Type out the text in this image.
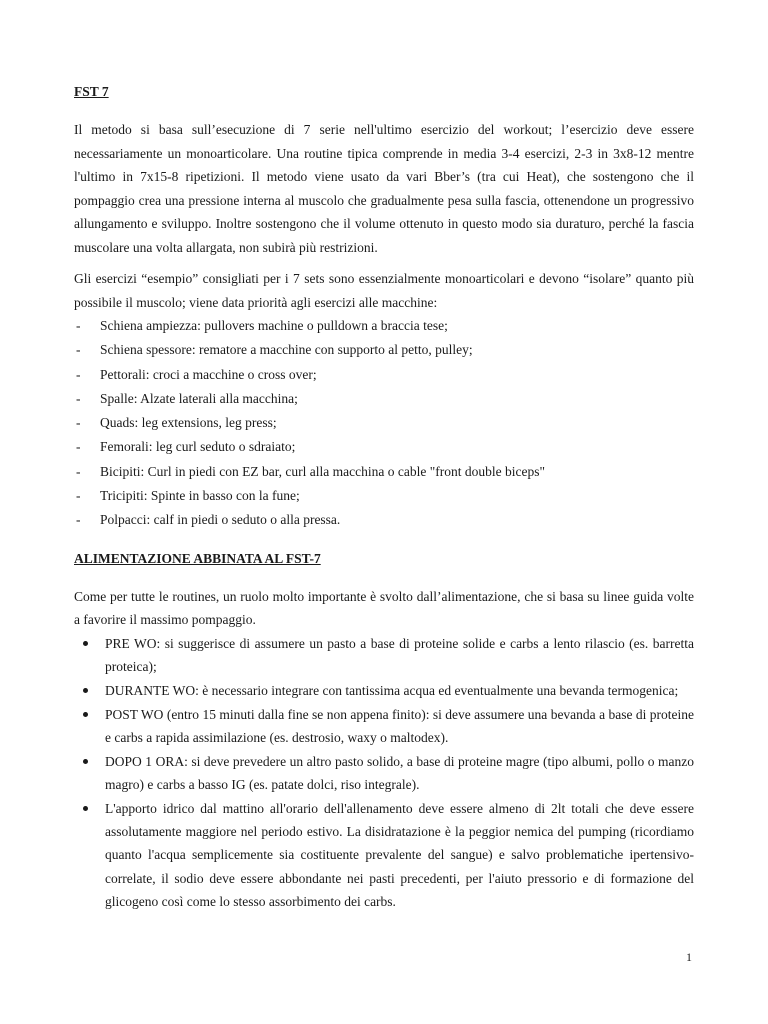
FST 7

Il metodo si basa sull’esecuzione di 7 serie nell'ultimo esercizio del workout; l’esercizio deve essere necessariamente un monoarticolare. Una routine tipica comprende in media 3-4 esercizi, 2-3 in 3x8-12 mentre l'ultimo in 7x15-8 ripetizioni. Il metodo viene usato da vari Bber’s (tra cui Heat), che sostengono che il pompaggio crea una pressione interna al muscolo che gradualmente pesa sulla fascia, ottenendone un progressivo allungamento e sviluppo. Inoltre sostengono che il volume ottenuto in questo modo sia duraturo, perché la fascia muscolare una volta allargata, non subirà più restrizioni.

Gli esercizi “esempio” consigliati per i 7 sets sono essenzialmente monoarticolari e devono “isolare” quanto più possibile il muscolo; viene data priorità agli esercizi alle macchine:

- Schiena ampiezza: pullovers machine o pulldown a braccia tese;
- Schiena spessore: rematore a macchine con supporto al petto, pulley;
- Pettorali: croci a macchine o cross over;
- Spalle: Alzate laterali alla macchina;
- Quads: leg extensions, leg press;
- Femorali: leg curl seduto o sdraiato;
- Bicipiti: Curl in piedi con EZ bar, curl alla macchina o cable "front double biceps"
- Tricipiti: Spinte in basso con la fune;
- Polpacci: calf in piedi o seduto o alla pressa.
ALIMENTAZIONE ABBINATA AL FST-7

Come per tutte le routines, un ruolo molto importante è svolto dall’alimentazione, che si basa su linee guida volte a favorire il massimo pompaggio.

PRE WO: si suggerisce di assumere un pasto a base di proteine solide e carbs a lento rilascio (es. barretta proteica);
DURANTE WO: è necessario integrare con tantissima acqua ed eventualmente una bevanda termogenica;
POST WO (entro 15 minuti dalla fine se non appena finito): si deve assumere una bevanda a base di proteine e carbs a rapida assimilazione (es. destrosio, waxy o maltodex).
DOPO 1 ORA: si deve prevedere un altro pasto solido, a base di proteine magre (tipo albumi, pollo o manzo magro) e carbs a basso IG (es. patate dolci, riso integrale).
L'apporto idrico dal mattino all'orario dell'allenamento deve essere almeno di 2lt totali che deve essere assolutamente maggiore nel periodo estivo. La disidratazione è la peggior nemica del pumping (ricordiamo quanto l'acqua semplicemente sia costituente prevalente del sangue) e salvo problematiche ipertensivo-correlate, il sodio deve essere abbondante nei pasti precedenti, per l'aiuto pressorio e di formazione del glicogeno così come lo stesso assorbimento dei carbs.
1
